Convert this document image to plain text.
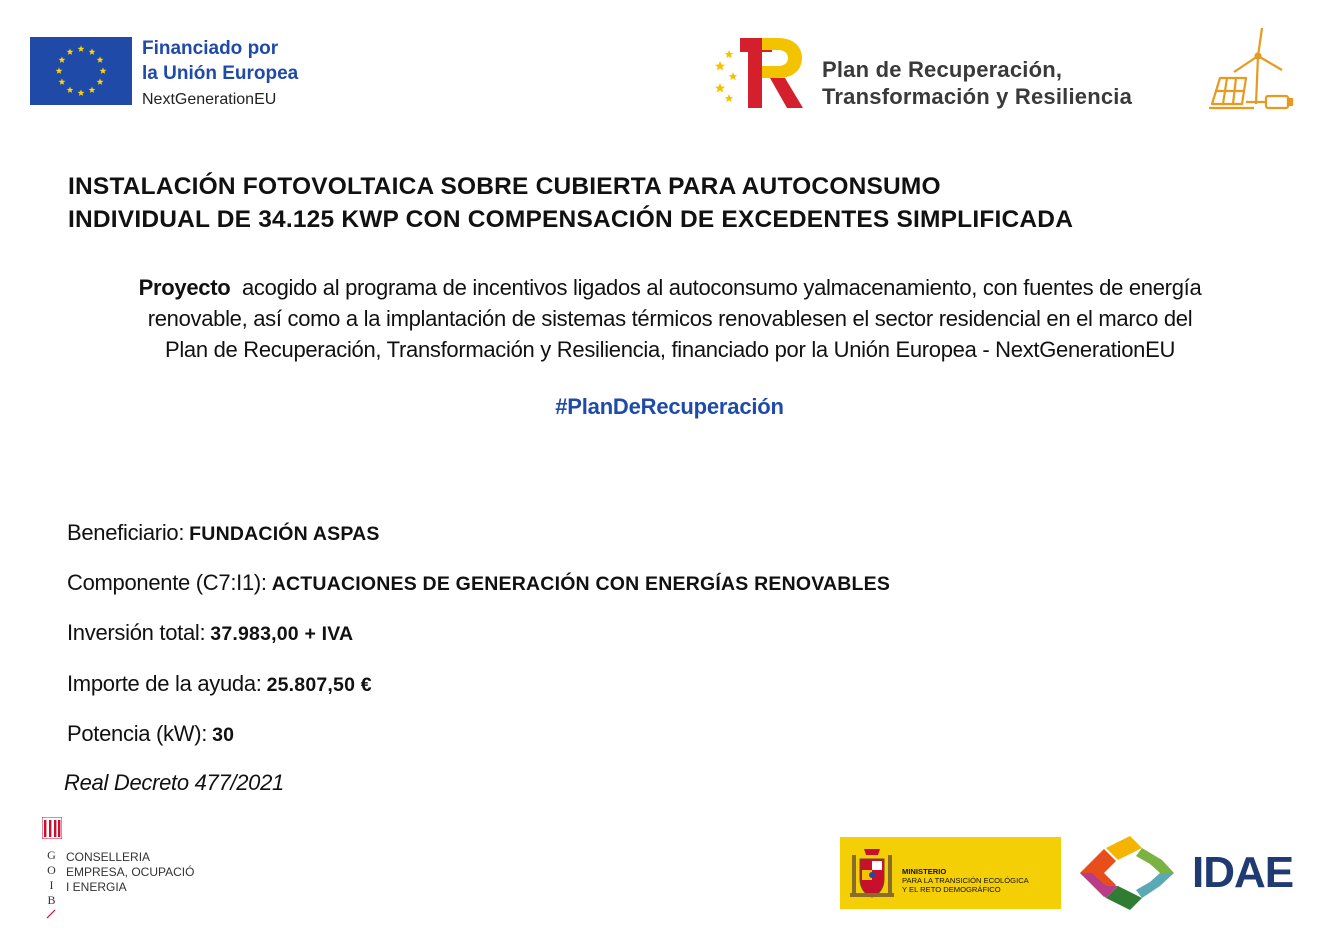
Financiado por
la Unión Europea
NextGenerationEU
Plan de Recuperación,
Transformación y Resiliencia
INSTALACIÓN FOTOVOLTAICA SOBRE CUBIERTA PARA AUTOCONSUMO
INDIVIDUAL DE 34.125 KWP CON COMPENSACIÓN DE EXCEDENTES SIMPLIFICADA
Proyecto  acogido al programa de incentivos ligados al autoconsumo yalmacenamiento, con fuentes de energía
renovable, así como a la implantación de sistemas térmicos renovablesen el sector residencial en el marco del
Plan de Recuperación, Transformación y Resiliencia, financiado por la Unión Europea - NextGenerationEU
#PlanDeRecuperación
Beneficiario: FUNDACIÓN ASPAS
Componente (C7:I1): ACTUACIONES DE GENERACIÓN CON ENERGÍAS RENOVABLES
Inversión total: 37.983,00 + IVA
Importe de la ayuda: 25.807,50 €
Potencia (kW): 30
Real Decreto 477/2021
G
O
I
B
CONSELLERIA
EMPRESA, OCUPACIÓ
I ENERGIA
MINISTERIO
PARA LA TRANSICIÓN ECOLÓGICA
Y EL RETO DEMOGRÁFICO	IDAE
